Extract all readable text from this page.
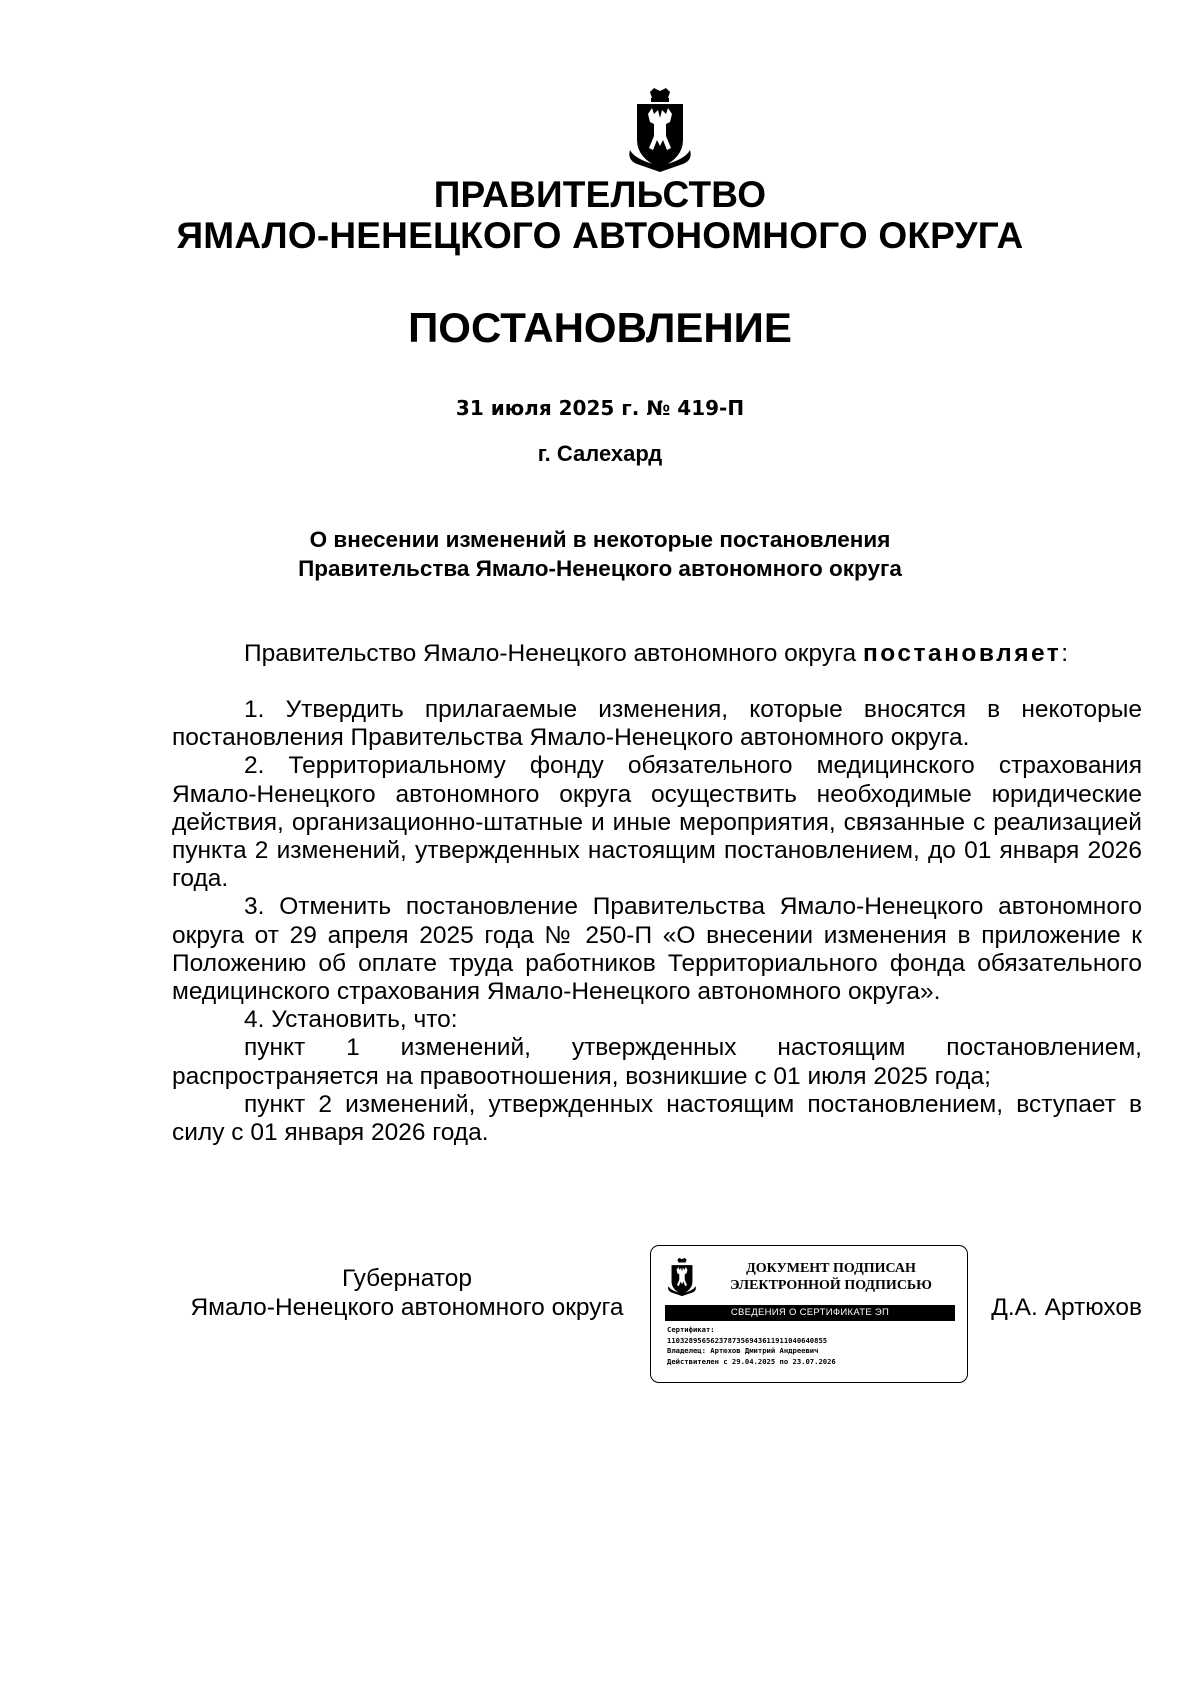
ПРАВИТЕЛЬСТВО
ЯМАЛО-НЕНЕЦКОГО АВТОНОМНОГО ОКРУГА
ПОСТАНОВЛЕНИЕ
31 июля 2025 г. № 419-П
г. Салехард
О внесении изменений в некоторые постановления
Правительства Ямало-Ненецкого автономного округа

Правительство Ямало-Ненецкого автономного округа постановляет:

1. Утвердить прилагаемые изменения, которые вносятся в некоторые постановления Правительства Ямало-Ненецкого автономного округа.

2. Территориальному фонду обязательного медицинского страхования Ямало-Ненецкого автономного округа осуществить необходимые юридические действия, организационно-штатные и иные мероприятия, связанные с реализацией пункта 2 изменений, утвержденных настоящим постановлением, до 01 января 2026 года.

3. Отменить постановление Правительства Ямало-Ненецкого автономного округа от 29 апреля 2025 года № 250-П «О внесении изменения в приложение к Положению об оплате труда работников Территориального фонда обязательного медицинского страхования Ямало-Ненецкого автономного округа».

4. Установить, что:

пункт 1 изменений, утвержденных настоящим постановлением, распространяется на правоотношения, возникшие с 01 июля 2025 года;

пункт 2 изменений, утвержденных настоящим постановлением, вступает в силу с 01 января 2026 года.

Губернатор
Ямало-Ненецкого автономного округа
ДОКУМЕНТ ПОДПИСАН
ЭЛЕКТРОННОЙ ПОДПИСЬЮ
СВЕДЕНИЯ О СЕРТИФИКАТЕ ЭП
Сертификат:
1103289565623787356943611911040640855
Владелец: Артюхов Дмитрий Андреевич
Действителен с 29.04.2025 по 23.07.2026
Д.А. Артюхов
